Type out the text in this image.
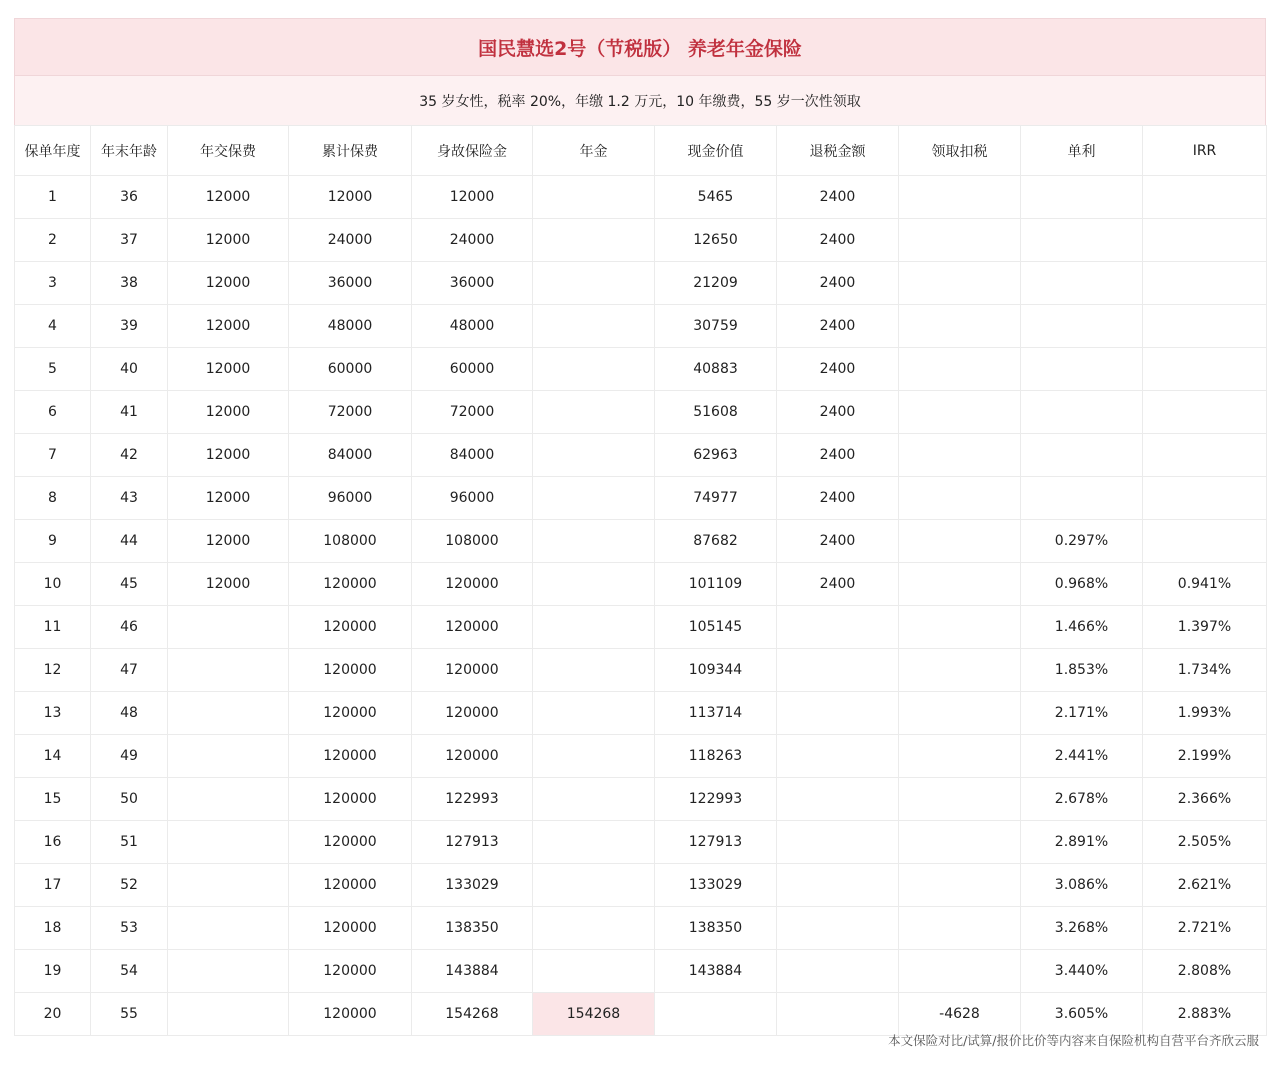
国民慧选2号（节税版） 养老年金保险
35 岁女性，税率 20%，年缴 1.2 万元，10 年缴费，55 岁一次性领取
保单年度	年末年龄	年交保费	累计保费	身故保险金	年金	现金价值	退税金额	领取扣税	单利	IRR
1	36	12000	12000	12000		5465	2400			
2	37	12000	24000	24000		12650	2400			
3	38	12000	36000	36000		21209	2400			
4	39	12000	48000	48000		30759	2400			
5	40	12000	60000	60000		40883	2400			
6	41	12000	72000	72000		51608	2400			
7	42	12000	84000	84000		62963	2400			
8	43	12000	96000	96000		74977	2400			
9	44	12000	108000	108000		87682	2400		0.297%	
10	45	12000	120000	120000		101109	2400		0.968%	0.941%
11	46		120000	120000		105145			1.466%	1.397%
12	47		120000	120000		109344			1.853%	1.734%
13	48		120000	120000		113714			2.171%	1.993%
14	49		120000	120000		118263			2.441%	2.199%
15	50		120000	122993		122993			2.678%	2.366%
16	51		120000	127913		127913			2.891%	2.505%
17	52		120000	133029		133029			3.086%	2.621%
18	53		120000	138350		138350			3.268%	2.721%
19	54		120000	143884		143884			3.440%	2.808%
20	55		120000	154268	154268			-4628	3.605%	2.883%
本文保险对比/试算/报价比价等内容来自保险机构自营平台齐欣云服
